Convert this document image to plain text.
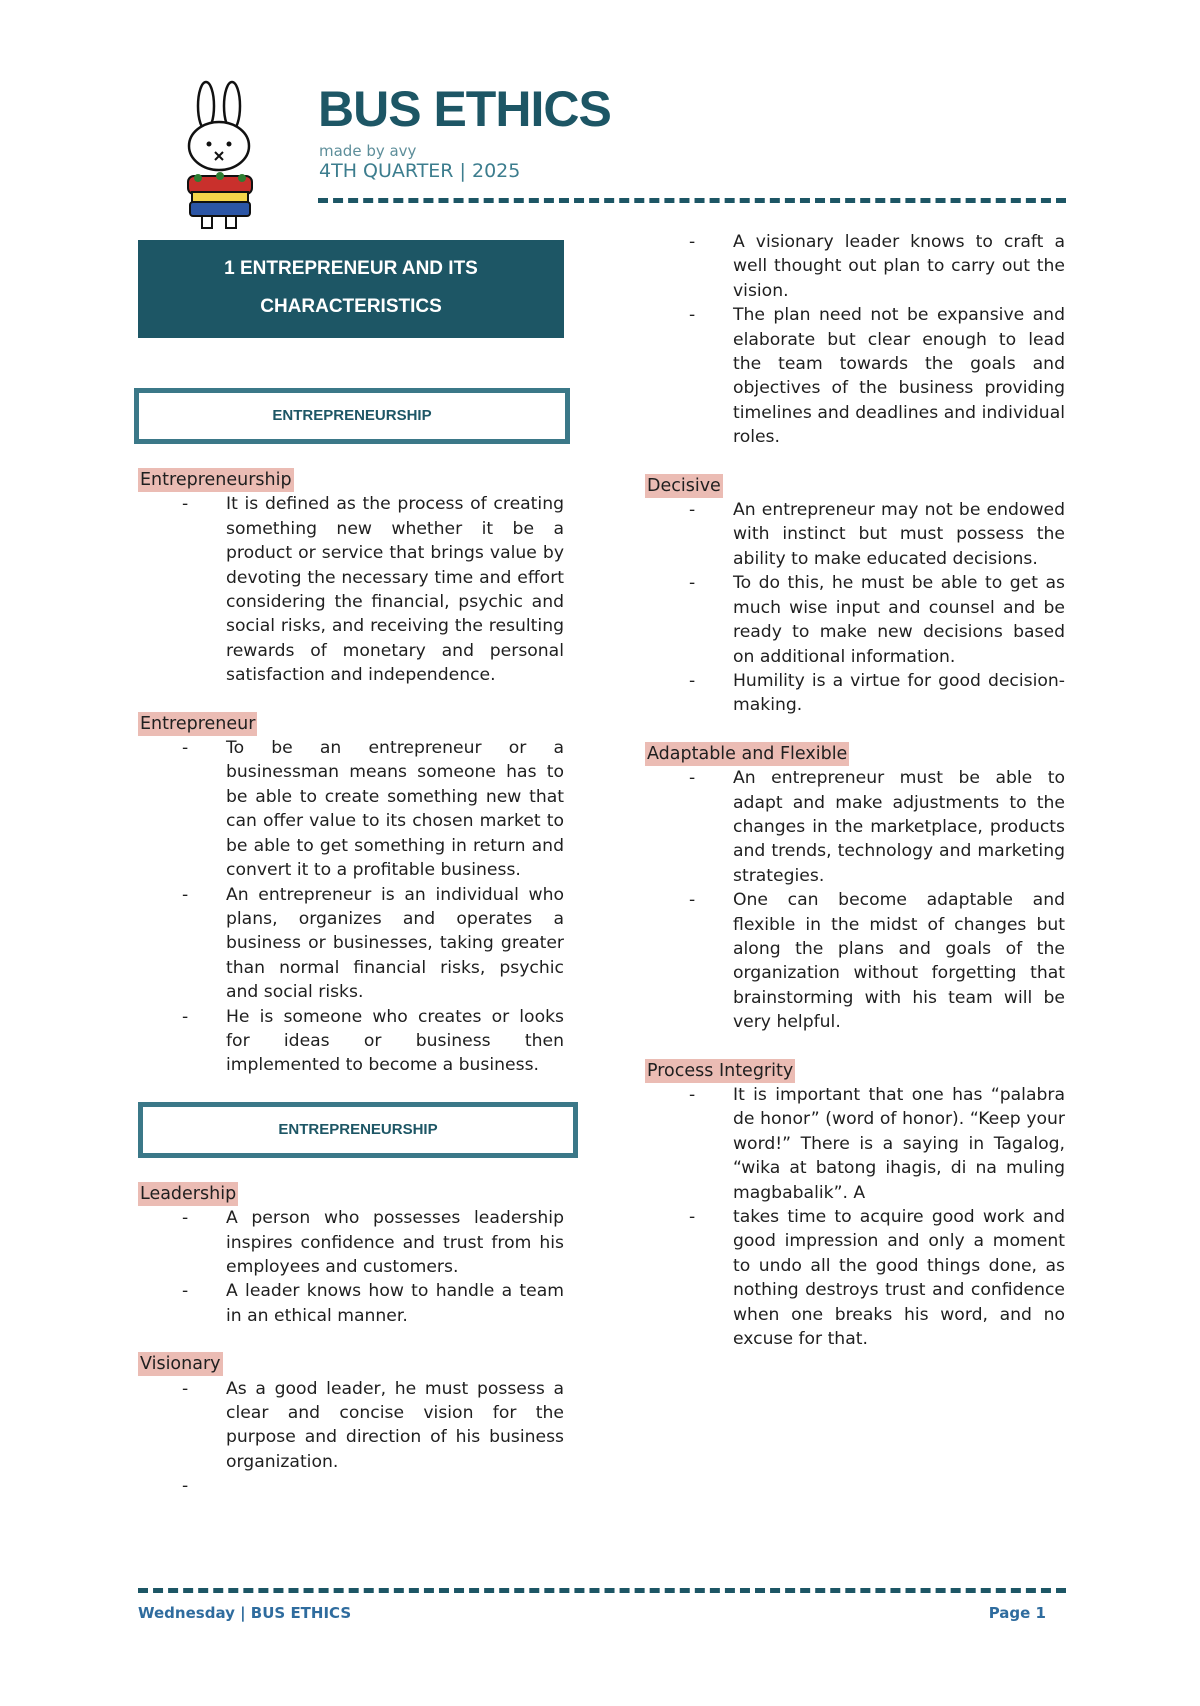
BUS ETHICS
made by avy
4TH QUARTER | 2025
1 ENTREPRENEUR AND ITS
CHARACTERISTICS
ENTREPRENEURSHIP
Entrepreneurship
- It is defined as the process of creating something new whether it be a product or service that brings value by devoting the necessary time and effort considering the financial, psychic and social risks, and receiving the resulting rewards of monetary and personal satisfaction and independence.
Entrepreneur
- To be an entrepreneur or a businessman means someone has to be able to create something new that can offer value to its chosen market to be able to get something in return and convert it to a profitable business.
- An entrepreneur is an individual who plans, organizes and operates a business or businesses, taking greater than normal financial risks, psychic and social risks.
- He is someone who creates or looks for ideas or business then implemented to become a business.
ENTREPRENEURSHIP
Leadership
- A person who possesses leadership inspires confidence and trust from his employees and customers.
- A leader knows how to handle a team in an ethical manner.
Visionary
- As a good leader, he must possess a clear and concise vision for the purpose and direction of his business organization.
-
- A visionary leader knows to craft a well thought out plan to carry out the vision.
- The plan need not be expansive and elaborate but clear enough to lead the team towards the goals and objectives of the business providing timelines and deadlines and individual roles.
Decisive
- An entrepreneur may not be endowed with instinct but must possess the ability to make educated decisions.
- To do this, he must be able to get as much wise input and counsel and be ready to make new decisions based on additional information.
- Humility is a virtue for good decision-making.
Adaptable and Flexible
- An entrepreneur must be able to adapt and make adjustments to the changes in the marketplace, products and trends, technology and marketing strategies.
- One can become adaptable and flexible in the midst of changes but along the plans and goals of the organization without forgetting that brainstorming with his team will be very helpful.
Process Integrity
- It is important that one has “palabra de honor” (word of honor). “Keep your word!” There is a saying in Tagalog, “wika at batong ihagis, di na muling magbabalik”. A
- takes time to acquire good work and good impression and only a moment to undo all the good things done, as nothing destroys trust and confidence when one breaks his word, and no excuse for that.
Wednesday | BUS ETHICS	Page 1
